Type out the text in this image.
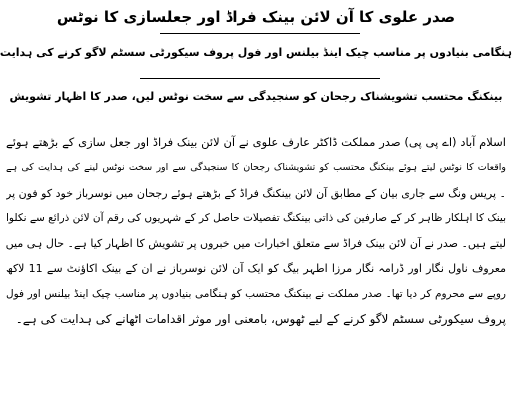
صدر علوی کا آن لائن بینک فراڈ اور جعلسازی کا نوٹس
ہنگامی بنیادوں پر مناسب چیک اینڈ بیلنس اور فول پروف سیکورٹی سسٹم لاگو کرنے کی ہدایت
بینکنگ محتسب تشویشناک رجحان کو سنجیدگی سے سخت نوٹس لیں، صدر کا اظہار تشویش
اسلام آباد (اے پی پی) صدر مملکت ڈاکٹر عارف علوی نے آن لائن بینک فراڈ اور جعل سازی کے بڑھتے ہوئے
واقعات کا نوٹس لیتے ہوئے بینکنگ محتسب کو تشویشناک رجحان کا سنجیدگی سے اور سخت نوٹس لینے کی ہدایت کی ہے
۔ پریس ونگ سے جاری بیان کے مطابق آن لائن بینکنگ فراڈ کے بڑھتے ہوئے رجحان میں نوسرباز خود کو فون پر
بینک کا اہلکار ظاہر کر کے صارفین کی ذاتی بینکنگ تفصیلات حاصل کر کے شہریوں کی رقم آن لائن ذرائع سے نکلوا
لیتے ہیں۔ صدر نے آن لائن بینک فراڈ سے متعلق اخبارات میں خبروں پر تشویش کا اظہار کیا ہے۔ حال ہی میں
معروف ناول نگار اور ڈرامہ نگار مرزا اطہر بیگ کو ایک آن لائن نوسرباز نے ان کے بینک اکاؤنٹ سے 11 لاکھ
روپے سے محروم کر دیا تھا۔ صدر مملکت نے بینکنگ محتسب کو ہنگامی بنیادوں پر مناسب چیک اینڈ بیلنس اور فول
پروف سیکورٹی سسٹم لاگو کرنے کے لیے ٹھوس، بامعنی اور موثر اقدامات اٹھانے کی ہدایت کی ہے۔
